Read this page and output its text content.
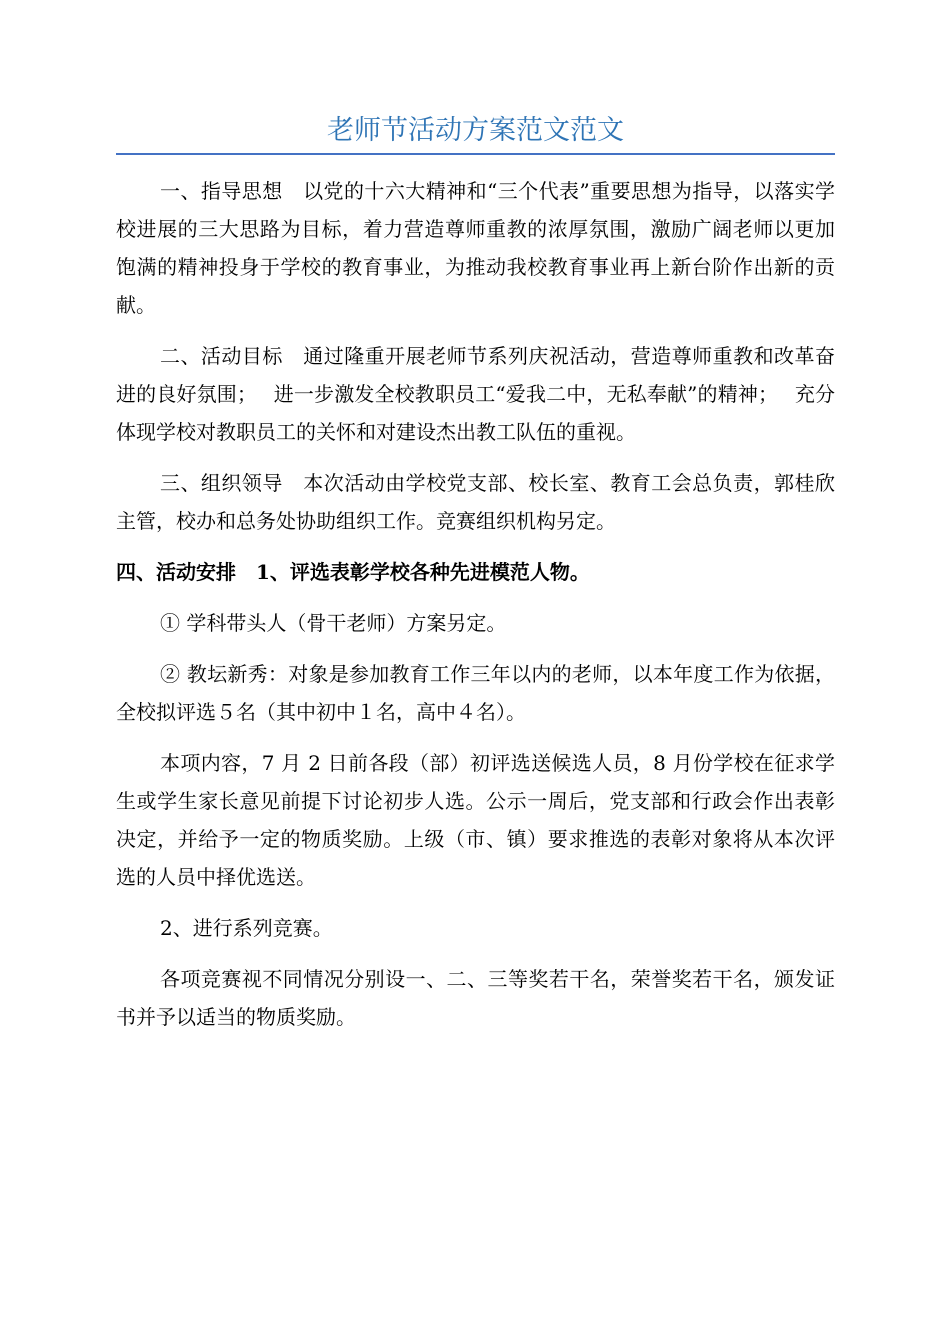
老师节活动方案范文范文

一、指导思想 以党的十六大精神和“三个代表”重要思想为指导，以落实学校进展的三大思路为目标，着力营造尊师重教的浓厚氛围，激励广阔老师以更加饱满的精神投身于学校的教育事业，为推动我校教育事业再上新台阶作出新的贡献。

二、活动目标 通过隆重开展老师节系列庆祝活动，营造尊师重教和改革奋进的良好氛围；　 进一步激发全校教职员工“爱我二中，无私奉献”的精神；　 充分体现学校对教职员工的关怀和对建设杰出教工队伍的重视。

三、组织领导 本次活动由学校党支部、校长室、教育工会总负责，郭桂欣主管，校办和总务处协助组织工作。竞赛组织机构另定。

四、活动安排 1、评选表彰学校各种先进模范人物。

① 学科带头人（骨干老师）方案另定。

② 教坛新秀：对象是参加教育工作三年以内的老师，以本年度工作为依据，全校拟评选５名（其中初中１名，高中４名）。

本项内容，7 月 2 日前各段（部）初评选送候选人员，8 月份学校在征求学生或学生家长意见前提下讨论初步人选。公示一周后，党支部和行政会作出表彰决定，并给予一定的物质奖励。上级（市、镇）要求推选的表彰对象将从本次评选的人员中择优选送。

2、进行系列竞赛。

各项竞赛视不同情况分别设一、二、三等奖若干名，荣誉奖若干名，颁发证书并予以适当的物质奖励。
